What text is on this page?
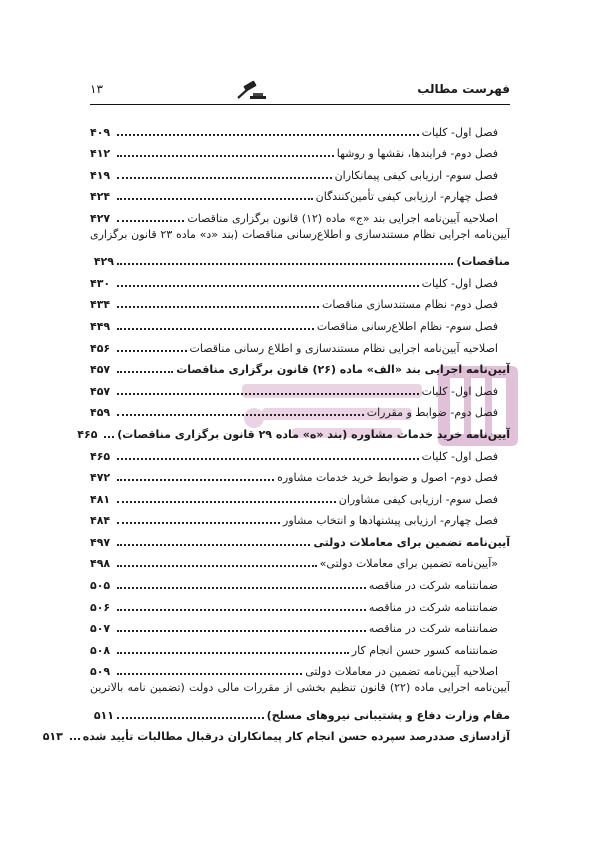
۱۳	فهرست مطالب
فصل اول- کلیات
۴۰۹
فصل دوم- فرایندها، نقشها و روشها
۴۱۲
فصل سوم- ارزیابی کیفی پیمانکاران
۴۱۹
فصل چهارم- ارزیابی کیفی تأمین‌کنندگان
۴۲۴
اصلاحیه آیین‌نامه اجرایی بند «ج» ماده (۱۲) قانون برگزاری مناقصات
۴۲۷
آیین‌نامه اجرایی نظام مستندسازی و اطلاع‌رسانی مناقصات (بند «د» ماده ۲۳ قانون برگزاری
مناقصات)
۴۲۹
فصل اول- کلیات
۴۳۰
فصل دوم- نظام مستندسازی مناقصات
۴۳۴
فصل سوم- نظام اطلاع‌رسانی مناقصات
۴۴۹
اصلاحیه آیین‌نامه اجرایی نظام مستندسازی و اطلاع رسانی مناقصات
۴۵۶
آیین‌نامه اجرایی بند «الف» ماده (۲۶) قانون برگزاری مناقصات
۴۵۷
فصل اول- کلیات
۴۵۷
فصل دوم- ضوابط و مقررات
۴۵۹
آیین‌نامه خرید خدمات مشاوره (بند «ه» ماده ۲۹ قانون برگزاری مناقصات)
۴۶۵
فصل اول- کلیات
۴۶۵
فصل دوم- اصول و ضوابط خرید خدمات مشاوره
۴۷۲
فصل سوم- ارزیابی کیفی مشاوران
۴۸۱
فصل چهارم- ارزیابی پیشنهادها و انتخاب مشاور
۴۸۴
آیین‌نامه تضمین برای معاملات دولتی
۴۹۷
«آیین‌نامه تضمین برای معاملات دولتی»
۴۹۸
ضمانتنامه شرکت در مناقصه
۵۰۵
ضمانتنامه شرکت در مناقصه
۵۰۶
ضمانتنامه شرکت در مناقصه
۵۰۷
ضمانتنامه کسور حسن انجام کار
۵۰۸
اصلاحیه آیین‌نامه تضمین در معاملات دولتی
۵۰۹
آیین‌نامه اجرایی ماده (۲۲) قانون تنظیم بخشی از مقررات مالی دولت (تضمین نامه بالاترین
مقام وزارت دفاع و پشتیبانی نیروهای مسلح)
۵۱۱
آزادسازی صددرصد سپرده حسن انجام کار پیمانکاران درقبال مطالبات تأیید شده
۵۱۳
